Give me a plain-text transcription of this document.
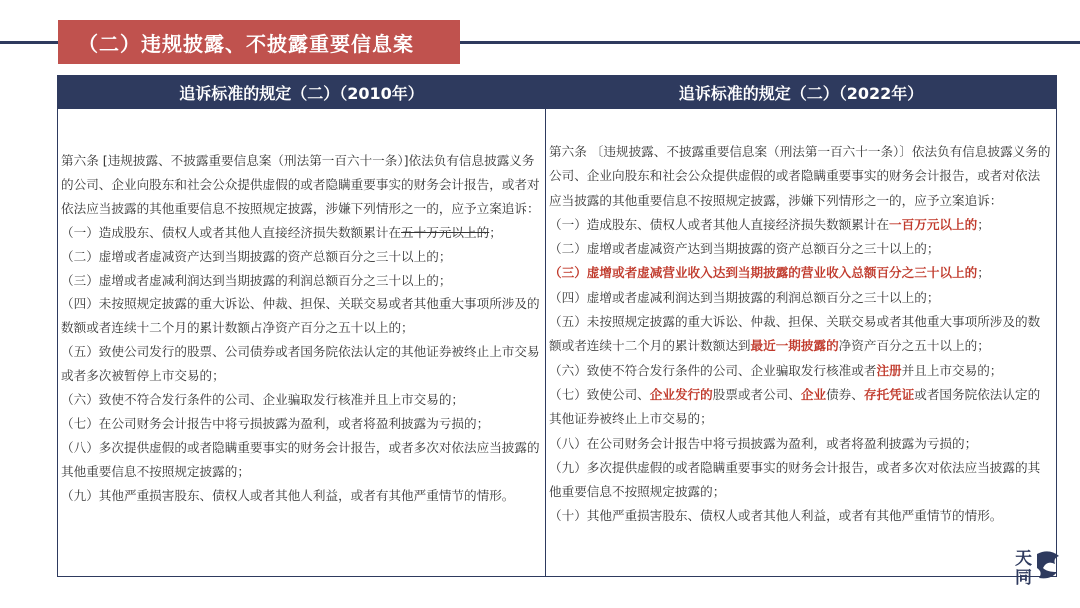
（二）违规披露、不披露重要信息案
追诉标准的规定（二）（2010年）

第六条 [违规披露、不披露重要信息案（刑法第一百六十一条）]依法负有信息披露义务的公司、企业向股东和社会公众提供虚假的或者隐瞒重要事实的财务会计报告，或者对依法应当披露的其他重要信息不按照规定披露，涉嫌下列情形之一的，应予立案追诉：

（一）造成股东、债权人或者其他人直接经济损失数额累计在五十万元以上的；

（二）虚增或者虚减资产达到当期披露的资产总额百分之三十以上的；

（三）虚增或者虚减利润达到当期披露的利润总额百分之三十以上的；

（四）未按照规定披露的重大诉讼、仲裁、担保、关联交易或者其他重大事项所涉及的数额或者连续十二个月的累计数额占净资产百分之五十以上的；

（五）致使公司发行的股票、公司债券或者国务院依法认定的其他证券被终止上市交易或者多次被暂停上市交易的；

（六）致使不符合发行条件的公司、企业骗取发行核准并且上市交易的；

（七）在公司财务会计报告中将亏损披露为盈利，或者将盈利披露为亏损的；

（八）多次提供虚假的或者隐瞒重要事实的财务会计报告，或者多次对依法应当披露的其他重要信息不按照规定披露的；

（九）其他严重损害股东、债权人或者其他人利益，或者有其他严重情节的情形。

追诉标准的规定（二）（2022年）

第六条 〔违规披露、不披露重要信息案（刑法第一百六十一条）〕依法负有信息披露义务的公司、企业向股东和社会公众提供虚假的或者隐瞒重要事实的财务会计报告，或者对依法应当披露的其他重要信息不按照规定披露，涉嫌下列情形之一的，应予立案追诉：

（一）造成股东、债权人或者其他人直接经济损失数额累计在一百万元以上的；

（二）虚增或者虚减资产达到当期披露的资产总额百分之三十以上的；

（三）虚增或者虚减营业收入达到当期披露的营业收入总额百分之三十以上的；

（四）虚增或者虚减利润达到当期披露的利润总额百分之三十以上的；

（五）未按照规定披露的重大诉讼、仲裁、担保、关联交易或者其他重大事项所涉及的数额或者连续十二个月的累计数额达到最近一期披露的净资产百分之五十以上的；

（六）致使不符合发行条件的公司、企业骗取发行核准或者注册并且上市交易的；

（七）致使公司、企业发行的股票或者公司、企业债券、存托凭证或者国务院依法认定的其他证券被终止上市交易的；

（八）在公司财务会计报告中将亏损披露为盈利，或者将盈利披露为亏损的；

（九）多次提供虚假的或者隐瞒重要事实的财务会计报告，或者多次对依法应当披露的其他重要信息不按照规定披露的；

（十）其他严重损害股东、债权人或者其他人利益，或者有其他严重情节的情形。

天
同
